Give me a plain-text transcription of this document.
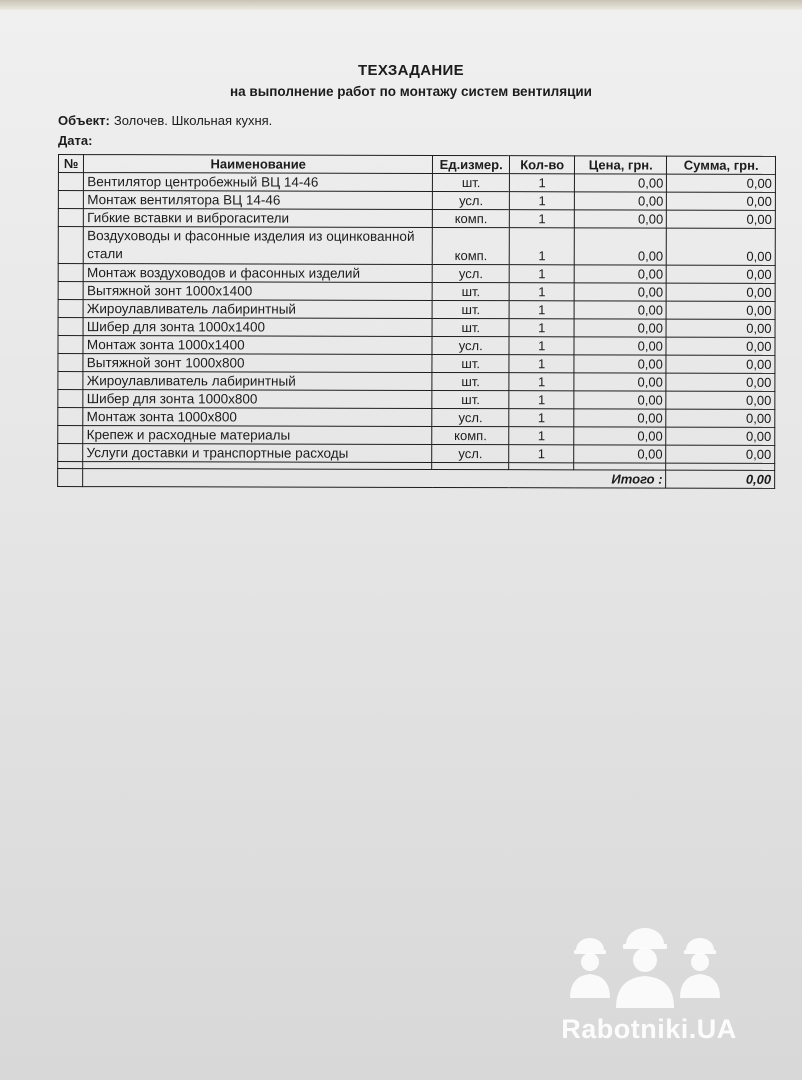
ТЕХЗАДАНИЕ
на выполнение работ по монтажу систем вентиляции
Объект: Золочев. Школьная кухня.
Дата:
№	Наименование	Ед.измер.	Кол-во	Цена, грн.	Сумма, грн.
	Вентилятор центробежный ВЦ 14-46	шт.	1	0,00	0,00
	Монтаж вентилятора ВЦ 14-46	усл.	1	0,00	0,00
	Гибкие вставки и виброгасители	комп.	1	0,00	0,00
	Воздуховоды и фасонные изделия из оцинкованной стали	комп.	1	0,00	0,00
	Монтаж воздуховодов и фасонных изделий	усл.	1	0,00	0,00
	Вытяжной зонт 1000х1400	шт.	1	0,00	0,00
	Жироулавливатель лабиринтный	шт.	1	0,00	0,00
	Шибер для зонта 1000х1400	шт.	1	0,00	0,00
	Монтаж зонта 1000х1400	усл.	1	0,00	0,00
	Вытяжной зонт 1000х800	шт.	1	0,00	0,00
	Жироулавливатель лабиринтный	шт.	1	0,00	0,00
	Шибер для зонта 1000х800	шт.	1	0,00	0,00
	Монтаж зонта 1000х800	усл.	1	0,00	0,00
	Крепеж и расходные материалы	комп.	1	0,00	0,00
	Услуги доставки и транспортные расходы	усл.	1	0,00	0,00

	Итого :				0,00
Rabotniki.UA
